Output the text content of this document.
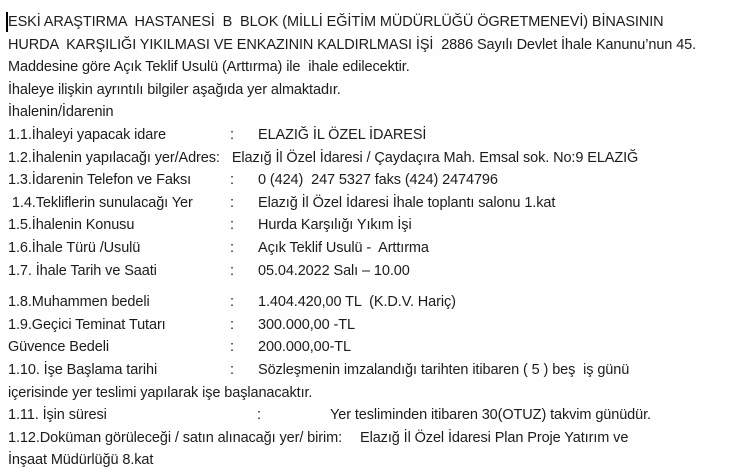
ESKİ ARAŞTIRMA  HASTANESİ  B  BLOK (MİLLİ EĞİTİM MÜDÜRLÜĞÜ ÖGRETMENEVİ) BİNASININ
HURDA  KARŞILIĞI YIKILMASI VE ENKAZININ KALDIRLMASI İŞİ  2886 Sayılı Devlet İhale Kanunu’nun 45.
Maddesine göre Açık Teklif Usulü (Arttırma) ile  ihale edilecektir.
İhaleye ilişkin ayrıntılı bilgiler aşağıda yer almaktadır.
İhalenin/İdarenin
1.1.İhaleyi yapacak idare	:	ELAZIĞ İL ÖZEL İDARESİ
1.2.İhalenin yapılacağı yer/Adres: Elazığ İl Özel İdaresi / Çaydaçıra Mah. Emsal sok. No:9 ELAZIĞ
1.3.İdarenin Telefon ve Faksı	:	0 (424)  247 5327 faks (424) 2474796
1.4.Tekliflerin sunulacağı Yer	:	Elazığ İl Özel İdaresi İhale toplantı salonu 1.kat
1.5.İhalenin Konusu	:	Hurda Karşılığı Yıkım İşi
1.6.İhale Türü /Usulü	:	Açık Teklif Usulü -  Arttırma
1.7. İhale Tarih ve Saati	:	05.04.2022 Salı – 10.00
1.8.Muhammen bedeli	:	1.404.420,00 TL  (K.D.V. Hariç)
1.9.Geçici Teminat Tutarı	:	300.000,00 -TL
Güvence Bedeli	:	200.000,00-TL
1.10. İşe Başlama tarihi	:	Sözleşmenin imzalandığı tarihten itibaren ( 5 ) beş  iş günü
içerisinde yer teslimi yapılarak işe başlanacaktır.
1.11. İşin süresi	:	Yer tesliminden itibaren 30(OTUZ) takvim günüdür.
1.12.Doküman görüleceği / satın alınacağı yer/ birim:	Elazığ İl Özel İdaresi Plan Proje Yatırım ve
İnşaat Müdürlüğü 8.kat
